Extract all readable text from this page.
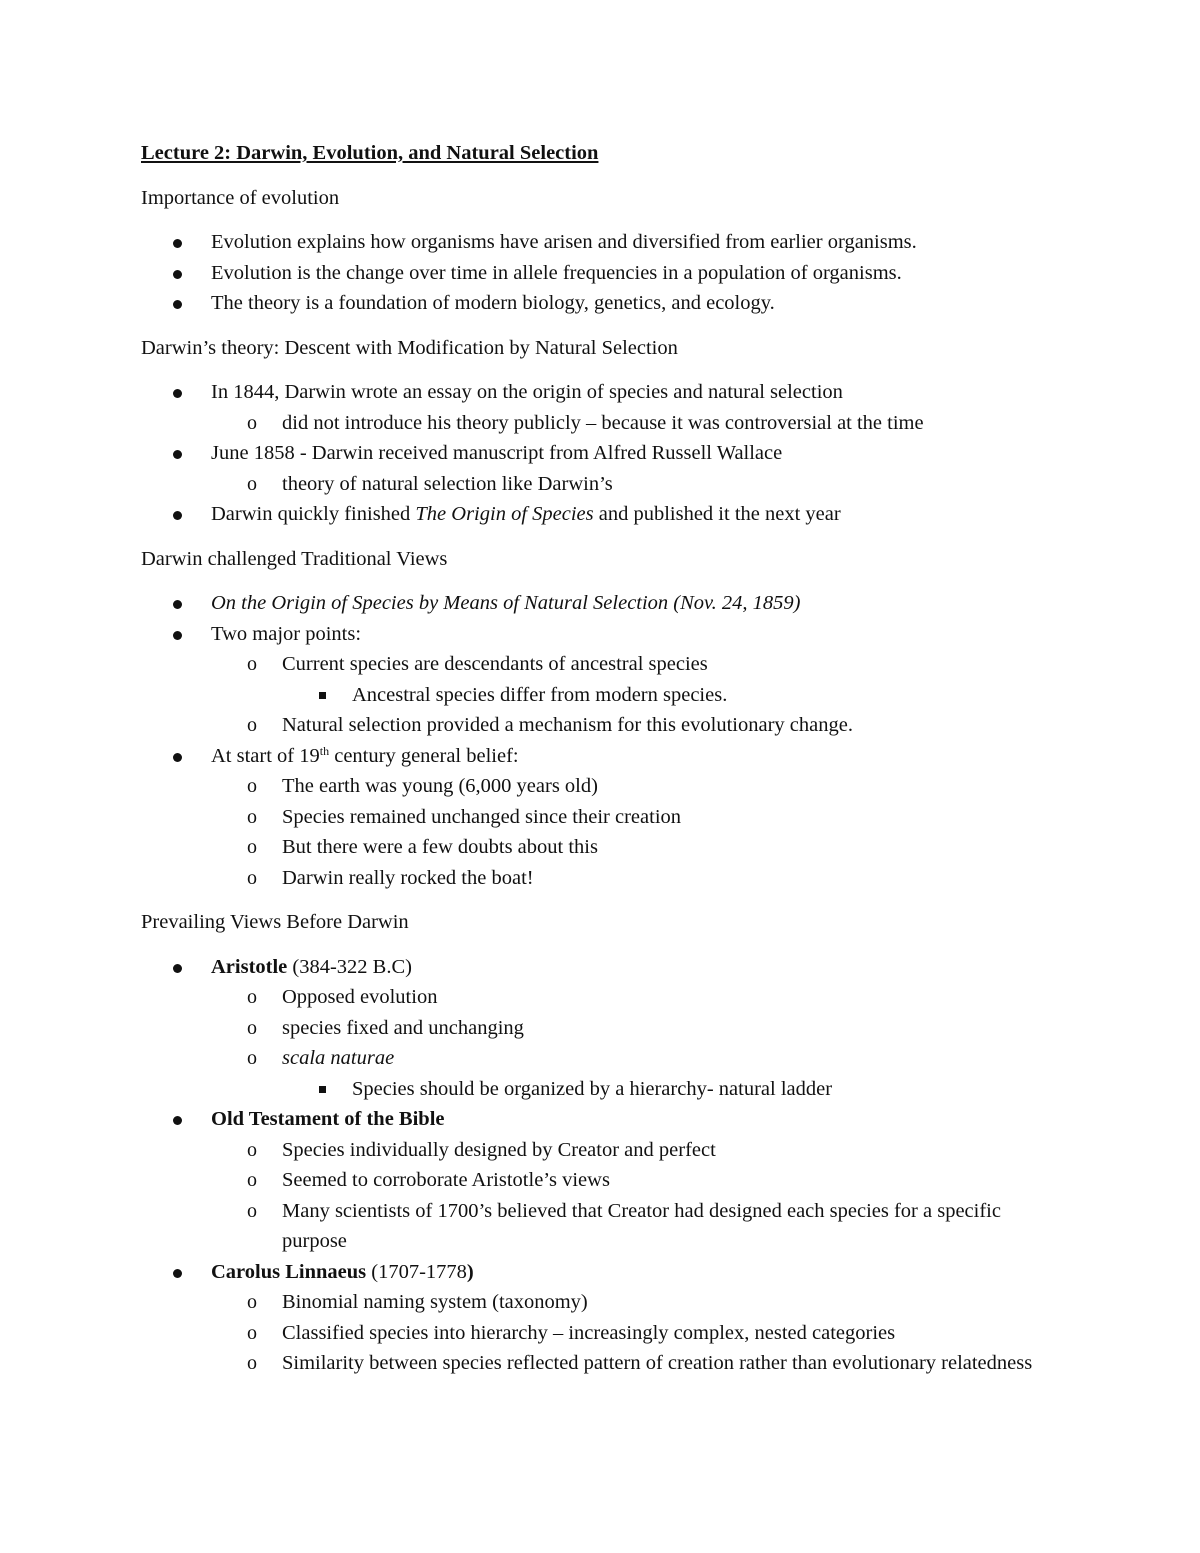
Lecture 2: Darwin, Evolution, and Natural Selection
Importance of evolution
Evolution explains how organisms have arisen and diversified from earlier organisms.
Evolution is the change over time in allele frequencies in a population of organisms.
The theory is a foundation of modern biology, genetics, and ecology.
Darwin’s theory: Descent with Modification by Natural Selection
In 1844, Darwin wrote an essay on the origin of species and natural selection
o did not introduce his theory publicly – because it was controversial at the time
June 1858 - Darwin received manuscript from Alfred Russell Wallace
o theory of natural selection like Darwin’s
Darwin quickly finished The Origin of Species and published it the next year
Darwin challenged Traditional Views
On the Origin of Species by Means of Natural Selection (Nov. 24, 1859)
Two major points:
o Current species are descendants of ancestral species
Ancestral species differ from modern species.
o Natural selection provided a mechanism for this evolutionary change.
At start of 19th century general belief:
o The earth was young (6,000 years old)
o Species remained unchanged since their creation
o But there were a few doubts about this
o Darwin really rocked the boat!
Prevailing Views Before Darwin
Aristotle (384-322 B.C)
o Opposed evolution
o species fixed and unchanging
o scala naturae
Species should be organized by a hierarchy- natural ladder
Old Testament of the Bible
o Species individually designed by Creator and perfect
o Seemed to corroborate Aristotle’s views
o Many scientists of 1700’s believed that Creator had designed each species for a specific purpose
Carolus Linnaeus (1707-1778)
o Binomial naming system (taxonomy)
o Classified species into hierarchy – increasingly complex, nested categories
o Similarity between species reflected pattern of creation rather than evolutionary relatedness
